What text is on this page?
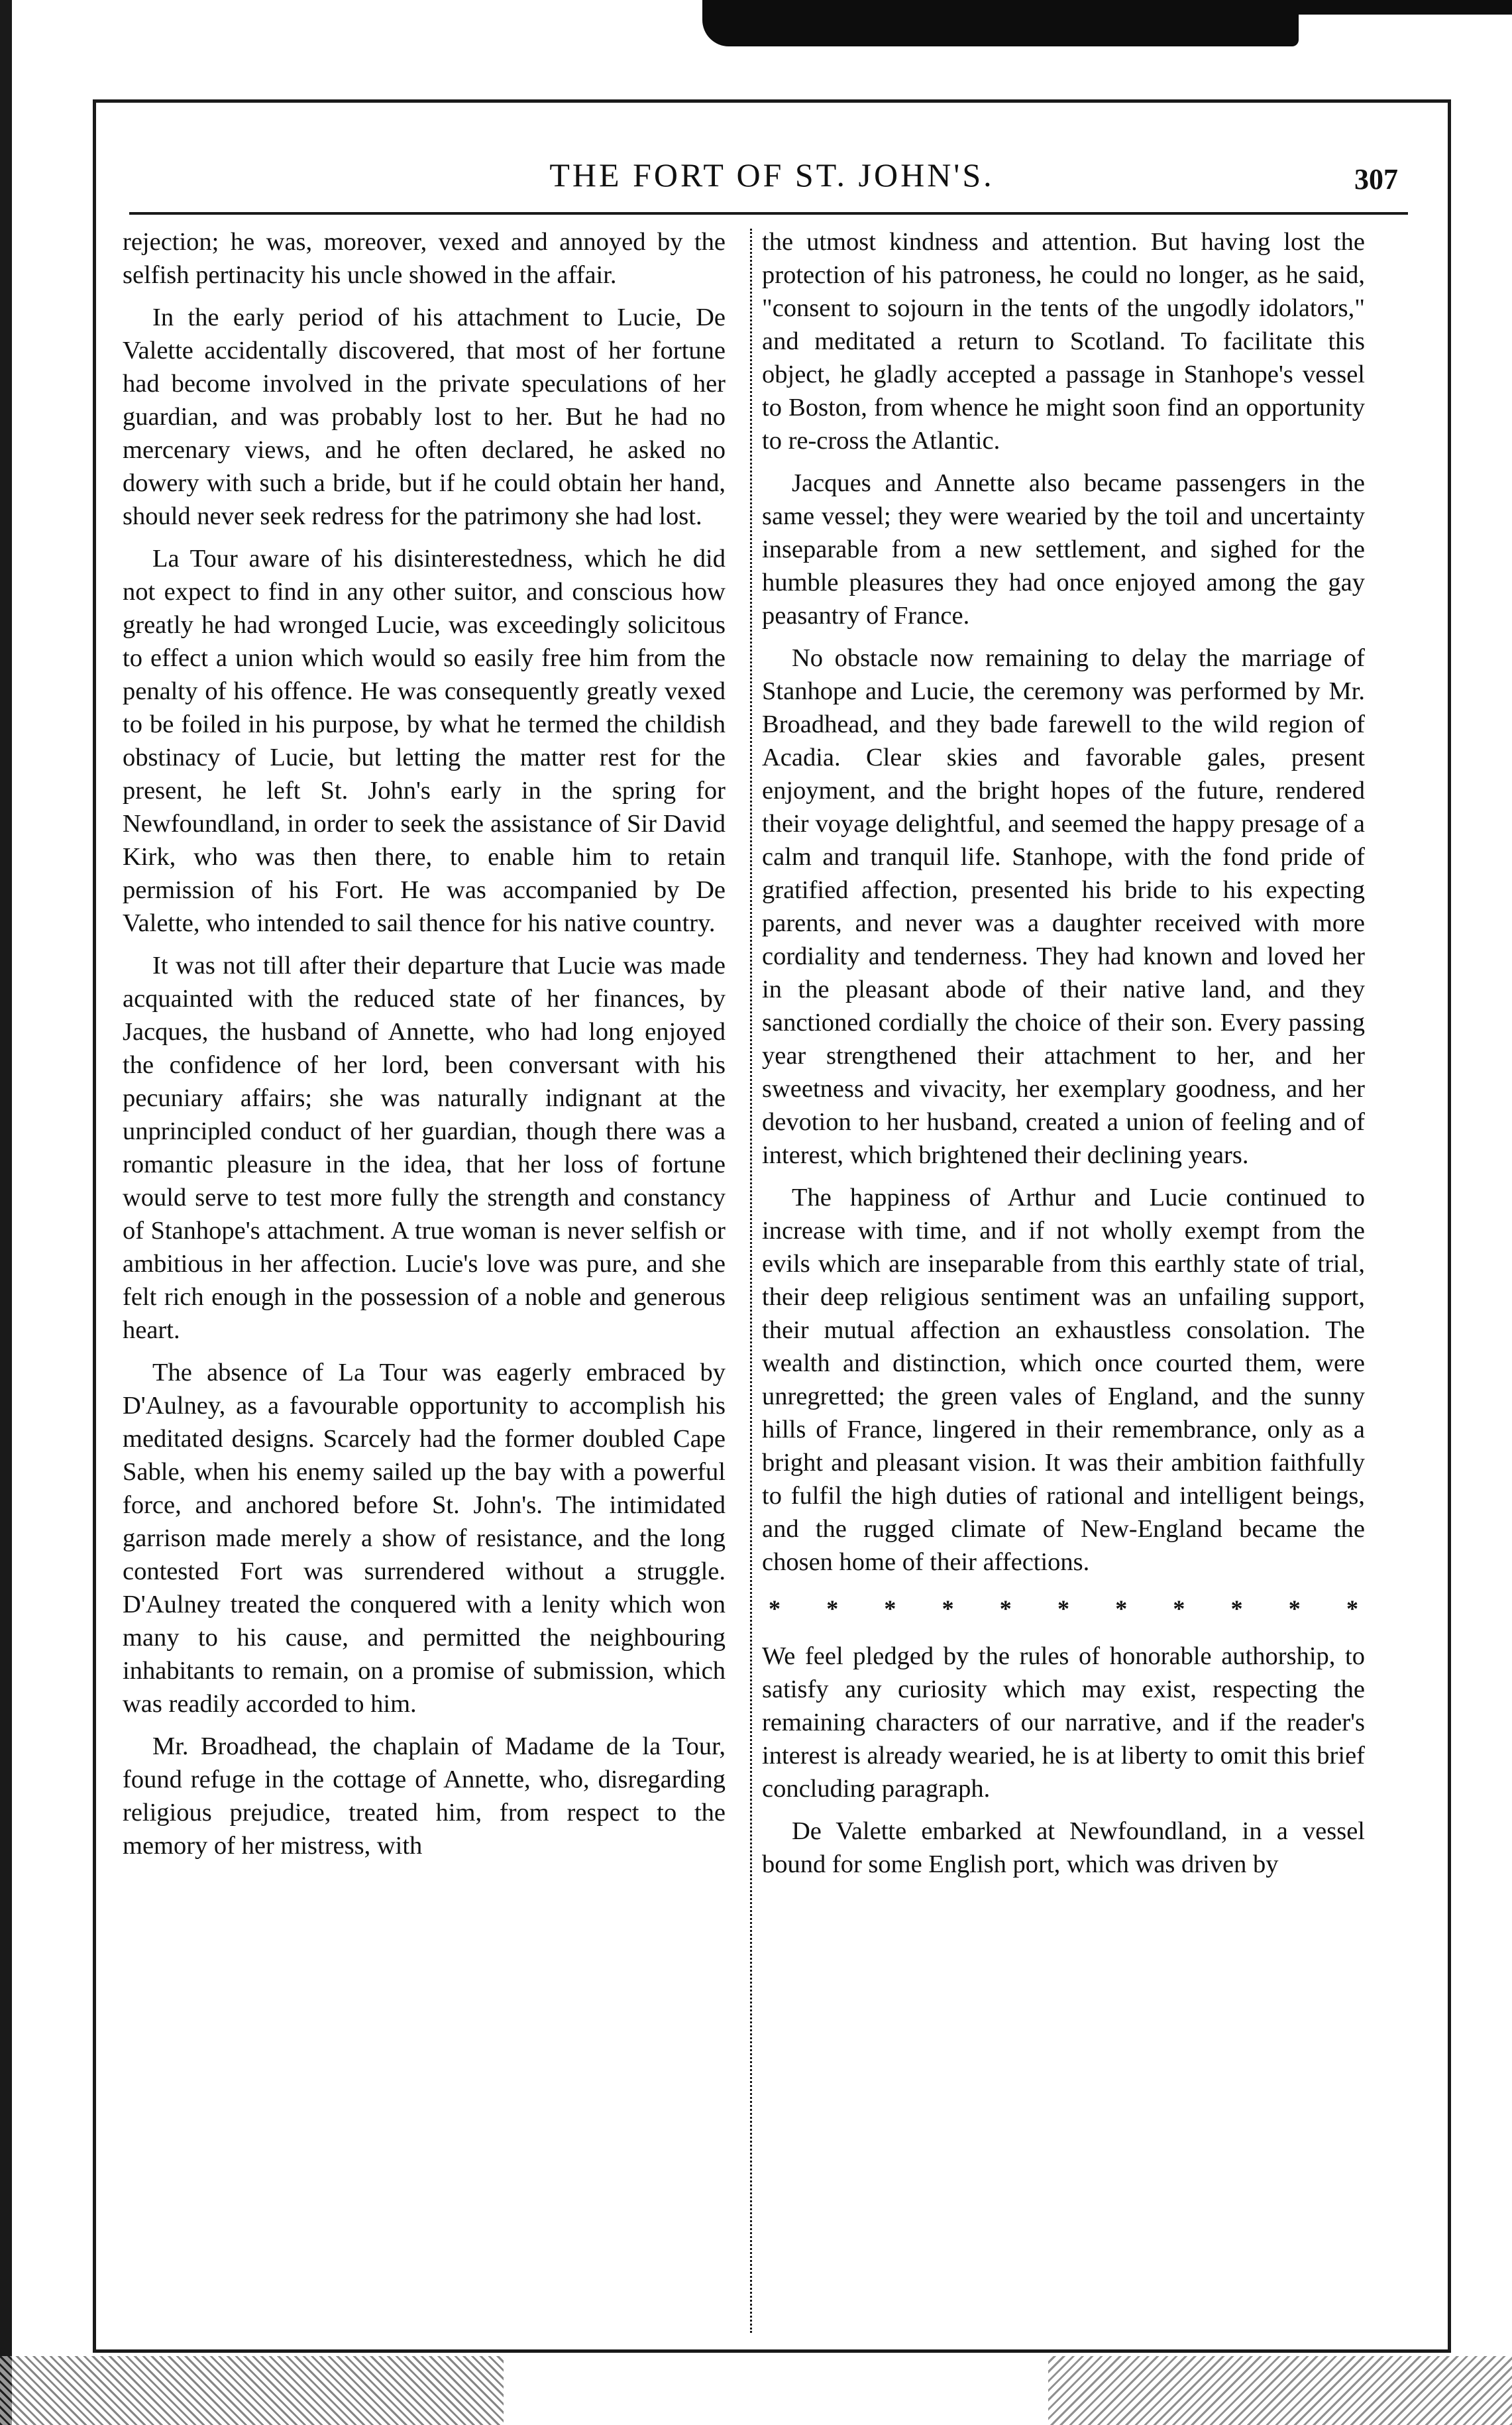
THE FORT OF ST. JOHN'S.	307

rejection; he was, moreover, vexed and annoyed by the selfish pertinacity his uncle showed in the affair.

In the early period of his attachment to Lucie, De Valette accidentally discovered, that most of her fortune had become involved in the private speculations of her guardian, and was probably lost to her. But he had no mercenary views, and he often declared, he asked no dowery with such a bride, but if he could obtain her hand, should never seek redress for the patrimony she had lost.

La Tour aware of his disinterestedness, which he did not expect to find in any other suitor, and conscious how greatly he had wronged Lucie, was exceedingly solicitous to effect a union which would so easily free him from the penalty of his offence. He was consequently greatly vexed to be foiled in his purpose, by what he termed the childish obstinacy of Lucie, but letting the matter rest for the present, he left St. John's early in the spring for Newfoundland, in order to seek the assistance of Sir David Kirk, who was then there, to enable him to retain permission of his Fort. He was accompanied by De Valette, who intended to sail thence for his native country.

It was not till after their departure that Lucie was made acquainted with the reduced state of her finances, by Jacques, the husband of Annette, who had long enjoyed the confidence of her lord, been conversant with his pecuniary affairs; she was naturally indignant at the unprincipled conduct of her guardian, though there was a romantic pleasure in the idea, that her loss of fortune would serve to test more fully the strength and constancy of Stanhope's attachment. A true woman is never selfish or ambitious in her affection. Lucie's love was pure, and she felt rich enough in the possession of a noble and generous heart.

The absence of La Tour was eagerly embraced by D'Aulney, as a favourable opportunity to accomplish his meditated designs. Scarcely had the former doubled Cape Sable, when his enemy sailed up the bay with a powerful force, and anchored before St. John's. The intimidated garrison made merely a show of resistance, and the long contested Fort was surrendered without a struggle. D'Aulney treated the conquered with a lenity which won many to his cause, and permitted the neighbouring inhabitants to remain, on a promise of submission, which was readily accorded to him.

Mr. Broadhead, the chaplain of Madame de la Tour, found refuge in the cottage of Annette, who, disregarding religious prejudice, treated him, from respect to the memory of her mistress, with

the utmost kindness and attention. But having lost the protection of his patroness, he could no longer, as he said, "consent to sojourn in the tents of the ungodly idolators," and meditated a return to Scotland. To facilitate this object, he gladly accepted a passage in Stanhope's vessel to Boston, from whence he might soon find an opportunity to re-cross the Atlantic.

Jacques and Annette also became passengers in the same vessel; they were wearied by the toil and uncertainty inseparable from a new settlement, and sighed for the humble pleasures they had once enjoyed among the gay peasantry of France.

No obstacle now remaining to delay the marriage of Stanhope and Lucie, the ceremony was performed by Mr. Broadhead, and they bade farewell to the wild region of Acadia. Clear skies and favorable gales, present enjoyment, and the bright hopes of the future, rendered their voyage delightful, and seemed the happy presage of a calm and tranquil life. Stanhope, with the fond pride of gratified affection, presented his bride to his expecting parents, and never was a daughter received with more cordiality and tenderness. They had known and loved her in the pleasant abode of their native land, and they sanctioned cordially the choice of their son. Every passing year strengthened their attachment to her, and her sweetness and vivacity, her exemplary goodness, and her devotion to her husband, created a union of feeling and of interest, which brightened their declining years.

The happiness of Arthur and Lucie continued to increase with time, and if not wholly exempt from the evils which are inseparable from this earthly state of trial, their deep religious sentiment was an unfailing support, their mutual affection an exhaustless consolation. The wealth and distinction, which once courted them, were unregretted; the green vales of England, and the sunny hills of France, lingered in their remembrance, only as a bright and pleasant vision. It was their ambition faithfully to fulfil the high duties of rational and intelligent beings, and the rugged climate of New-England became the chosen home of their affections.

* * * * * * * * * * *

We feel pledged by the rules of honorable authorship, to satisfy any curiosity which may exist, respecting the remaining characters of our narrative, and if the reader's interest is already wearied, he is at liberty to omit this brief concluding paragraph.

De Valette embarked at Newfoundland, in a vessel bound for some English port, which was driven by
